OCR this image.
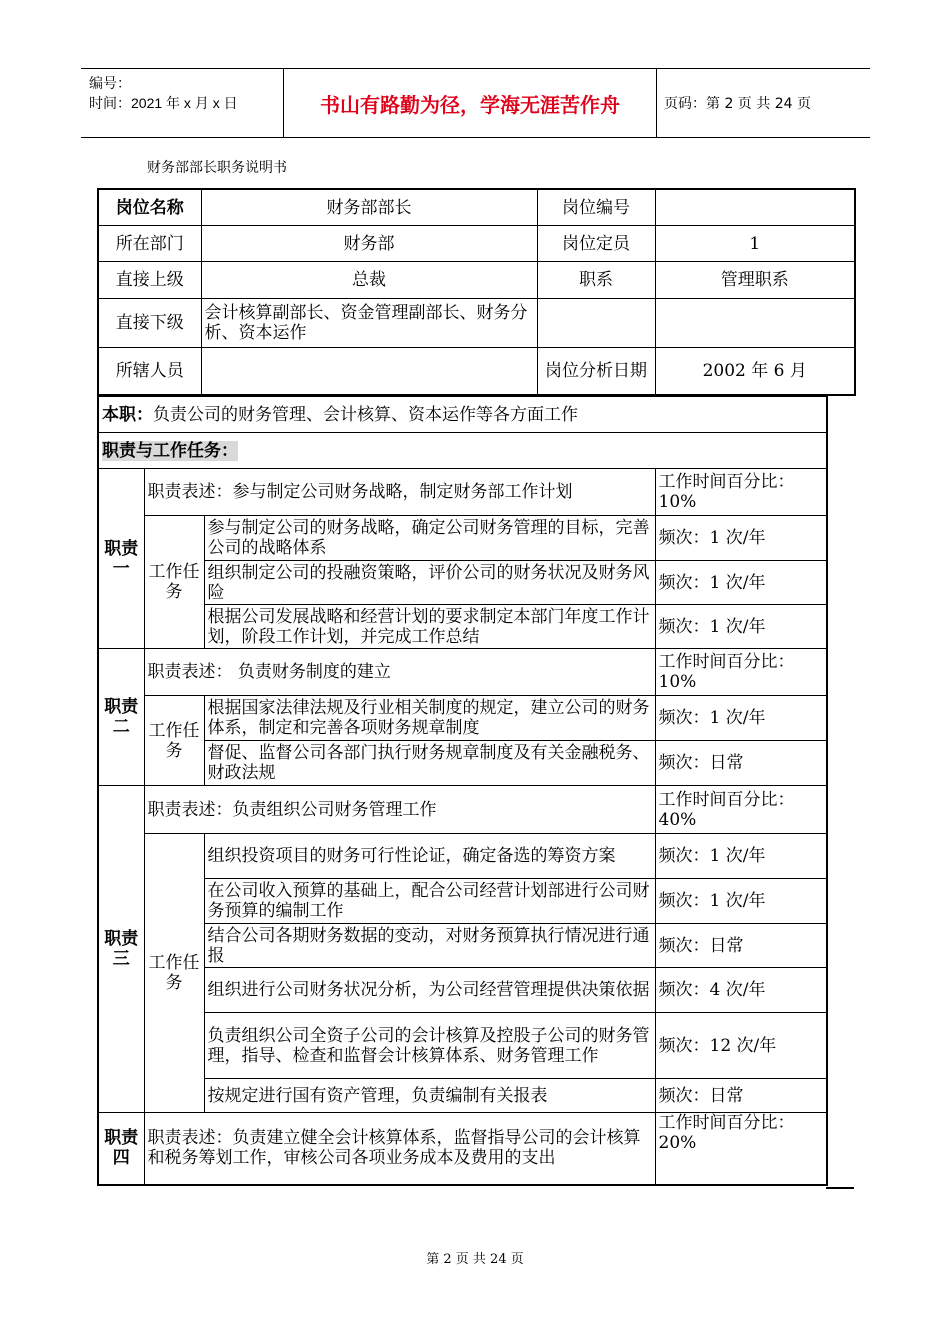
编号：
时间：2021 年 x 月 x 日	书山有路勤为径，学海无涯苦作舟	页码：第 2 页 共 24 页
财务部部长职务说明书
岗位名称	财务部部长	岗位编号	
所在部门	财务部	岗位定员	1
直接上级	总裁	职系	管理职系
直接下级	会计核算副部长、资金管理副部长、财务分析、资本运作		
所辖人员		岗位分析日期	2002 年 6 月
本职：负责公司的财务管理、会计核算、资本运作等各方面工作			
职责与工作任务：			
职责一	职责表述：参与制定公司财务战略，制定财务部工作计划		工作时间百分比：10%
	工作任务	参与制定公司的财务战略，确定公司财务管理的目标，完善公司的战略体系	频次：1 次/年
		组织制定公司的投融资策略，评价公司的财务状况及财务风险	频次：1 次/年
		根据公司发展战略和经营计划的要求制定本部门年度工作计划，阶段工作计划，并完成工作总结	频次：1 次/年
职责二	职责表述： 负责财务制度的建立		工作时间百分比：10%
	工作任务	根据国家法律法规及行业相关制度的规定，建立公司的财务体系，制定和完善各项财务规章制度	频次：1 次/年
		督促、监督公司各部门执行财务规章制度及有关金融税务、财政法规	频次：日常
职责三	职责表述：负责组织公司财务管理工作		工作时间百分比：40%
	工作任务	组织投资项目的财务可行性论证，确定备选的筹资方案	频次：1 次/年
		在公司收入预算的基础上，配合公司经营计划部进行公司财务预算的编制工作	频次：1 次/年
		结合公司各期财务数据的变动，对财务预算执行情况进行通报	频次：日常
		组织进行公司财务状况分析，为公司经营管理提供决策依据	频次：4 次/年
		负责组织公司全资子公司的会计核算及控股子公司的财务管理，指导、检查和监督会计核算体系、财务管理工作	频次：12 次/年
		按规定进行国有资产管理，负责编制有关报表	频次：日常
职责四	职责表述：负责建立健全会计核算体系，监督指导公司的会计核算和税务筹划工作，审核公司各项业务成本及费用的支出		工作时间百分比：20%
第 2 页 共 24 页
